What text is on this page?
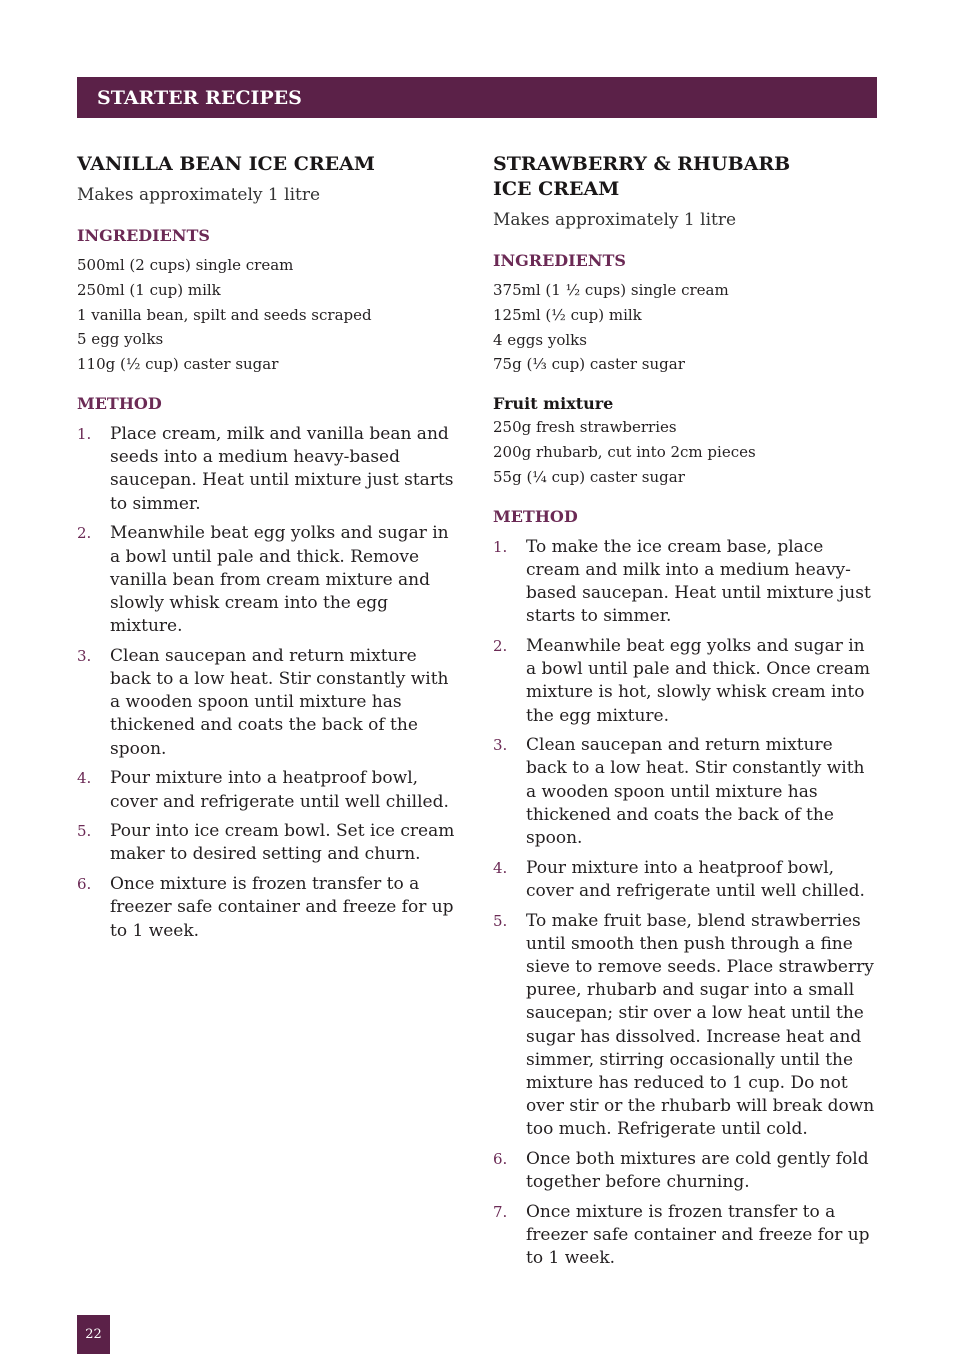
STARTER RECIPES
VANILLA BEAN ICE CREAM

Makes approximately 1 litre

INGREDIENTS
500ml (2 cups) single cream
250ml (1 cup) milk
1 vanilla bean, spilt and seeds scraped
5 egg yolks
110g (½ cup) caster sugar
METHOD
1. Place cream, milk and vanilla bean and seeds into a medium heavy-based saucepan. Heat until mixture just starts to simmer.
2. Meanwhile beat egg yolks and sugar in a bowl until pale and thick. Remove vanilla bean from cream mixture and slowly whisk cream into the egg mixture.
3. Clean saucepan and return mixture back to a low heat. Stir constantly with a wooden spoon until mixture has thickened and coats the back of the spoon.
4. Pour mixture into a heatproof bowl, cover and refrigerate until well chilled.
5. Pour into ice cream bowl. Set ice cream maker to desired setting and churn.
6. Once mixture is frozen transfer to a freezer safe container and freeze for up to 1 week.
STRAWBERRY & RHUBARB
ICE CREAM

Makes approximately 1 litre

INGREDIENTS
375ml (1 ½ cups) single cream
125ml (½ cup) milk
4 eggs yolks
75g (⅓ cup) caster sugar
Fruit mixture
250g fresh strawberries
200g rhubarb, cut into 2cm pieces
55g (¼ cup) caster sugar
METHOD
1. To make the ice cream base, place cream and milk into a medium heavy-based saucepan. Heat until mixture just starts to simmer.
2. Meanwhile beat egg yolks and sugar in a bowl until pale and thick. Once cream mixture is hot, slowly whisk cream into the egg mixture.
3. Clean saucepan and return mixture back to a low heat. Stir constantly with a wooden spoon until mixture has thickened and coats the back of the spoon.
4. Pour mixture into a heatproof bowl, cover and refrigerate until well chilled.
5. To make fruit base, blend strawberries until smooth then push through a fine sieve to remove seeds. Place strawberry puree, rhubarb and sugar into a small saucepan; stir over a low heat until the sugar has dissolved. Increase heat and simmer, stirring occasionally until the mixture has reduced to 1 cup. Do not over stir or the rhubarb will break down too much. Refrigerate until cold.
6. Once both mixtures are cold gently fold together before churning.
7. Once mixture is frozen transfer to a freezer safe container and freeze for up to 1 week.
22
